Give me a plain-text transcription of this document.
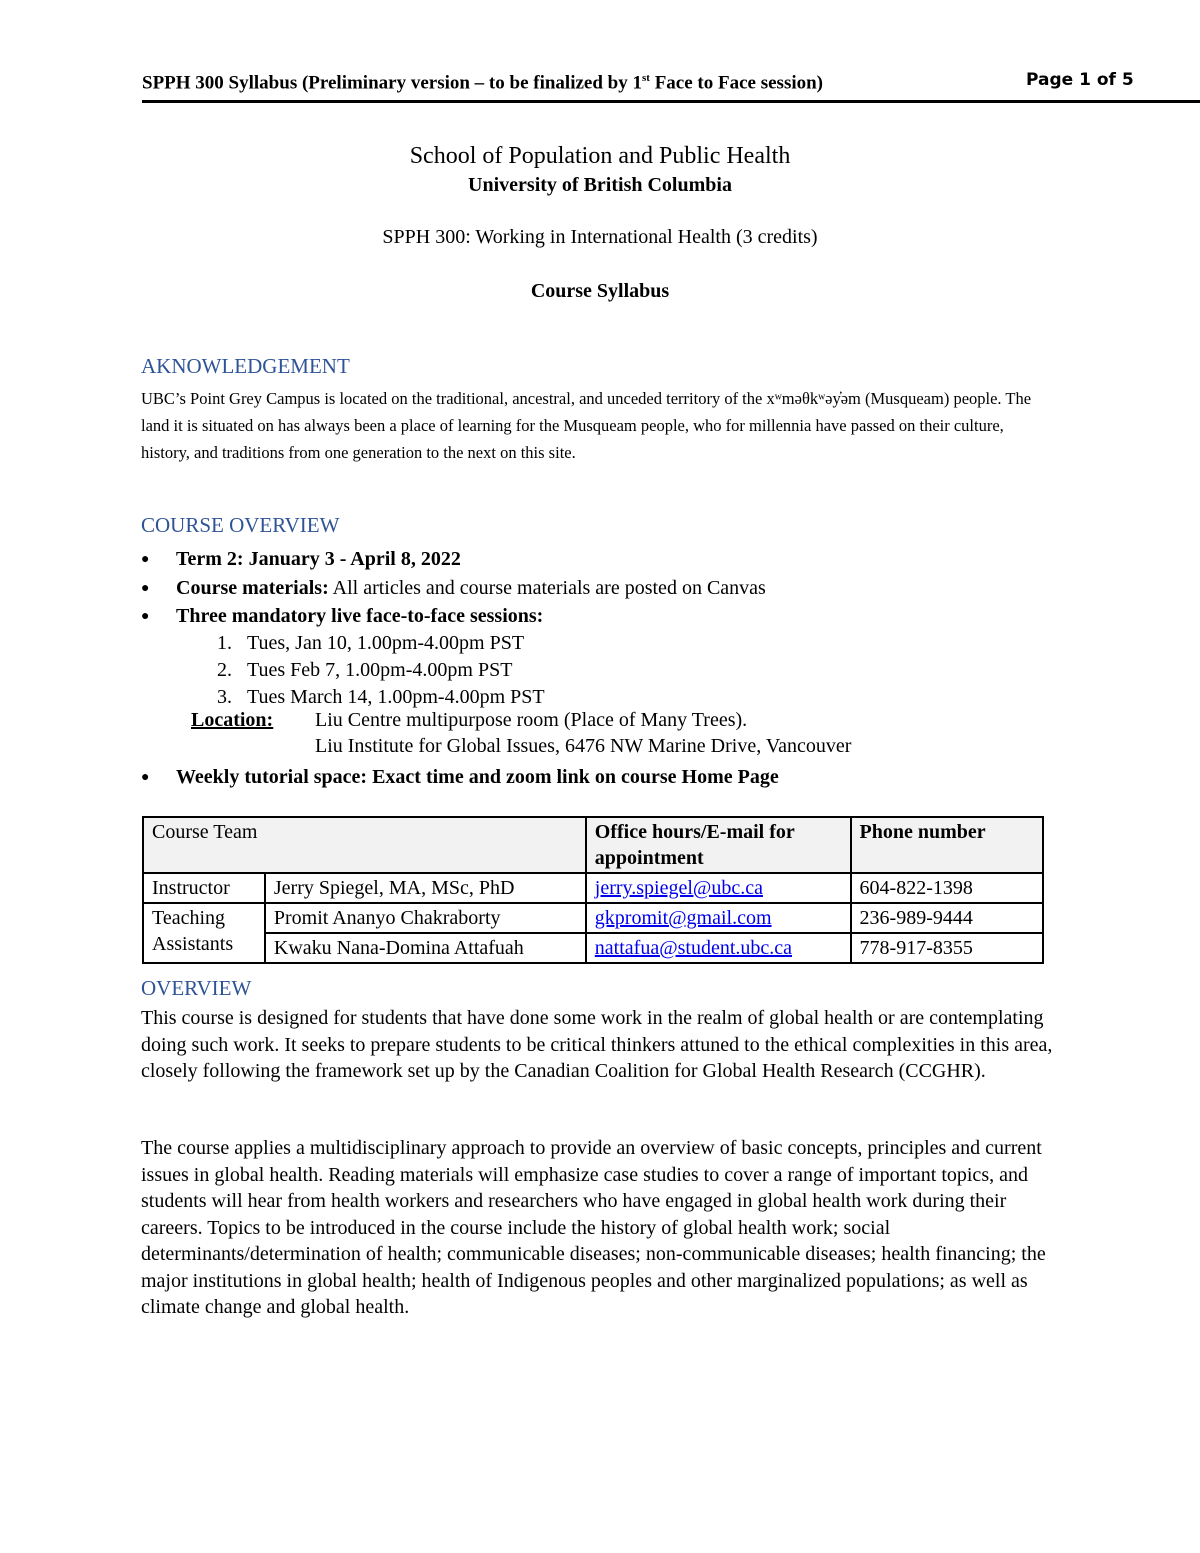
SPPH 300 Syllabus (Preliminary version – to be finalized by 1st Face to Face session)	Page 1 of 5
School of Population and Public Health
University of British Columbia
SPPH 300: Working in International Health (3 credits)
Course Syllabus
AKNOWLEDGEMENT
UBC’s Point Grey Campus is located on the traditional, ancestral, and unceded territory of the xʷməθkʷəy̓əm (Musqueam) people. The land it is situated on has always been a place of learning for the Musqueam people, who for millennia have passed on their culture, history, and traditions from one generation to the next on this site.
COURSE OVERVIEW
● Term 2: January 3 - April 8, 2022
● Course materials: All articles and course materials are posted on Canvas
● Three mandatory live face-to-face sessions:
1. Tues, Jan 10, 1.00pm-4.00pm PST
2. Tues Feb 7, 1.00pm-4.00pm PST
3. Tues March 14, 1.00pm-4.00pm PST
Location: Liu Centre multipurpose room (Place of Many Trees).
Liu Institute for Global Issues, 6476 NW Marine Drive, Vancouver
● Weekly tutorial space: Exact time and zoom link on course Home Page
Course Team		Office hours/E-mail for appointment	Phone number
Instructor	Jerry Spiegel, MA, MSc, PhD	jerry.spiegel@ubc.ca	604-822-1398

Teaching
Assistants	Promit Ananyo Chakraborty	gkpromit@gmail.com	236-989-9444
	Kwaku Nana-Domina Attafuah	nattafua@student.ubc.ca	778-917-8355
OVERVIEW
This course is designed for students that have done some work in the realm of global health or are contemplating doing such work. It seeks to prepare students to be critical thinkers attuned to the ethical complexities in this area, closely following the framework set up by the Canadian Coalition for Global Health Research (CCGHR).
The course applies a multidisciplinary approach to provide an overview of basic concepts, principles and current issues in global health. Reading materials will emphasize case studies to cover a range of important topics, and students will hear from health workers and researchers who have engaged in global health work during their careers. Topics to be introduced in the course include the history of global health work; social determinants/determination of health; communicable diseases; non-communicable diseases; health financing; the major institutions in global health; health of Indigenous peoples and other marginalized populations; as well as climate change and global health.
